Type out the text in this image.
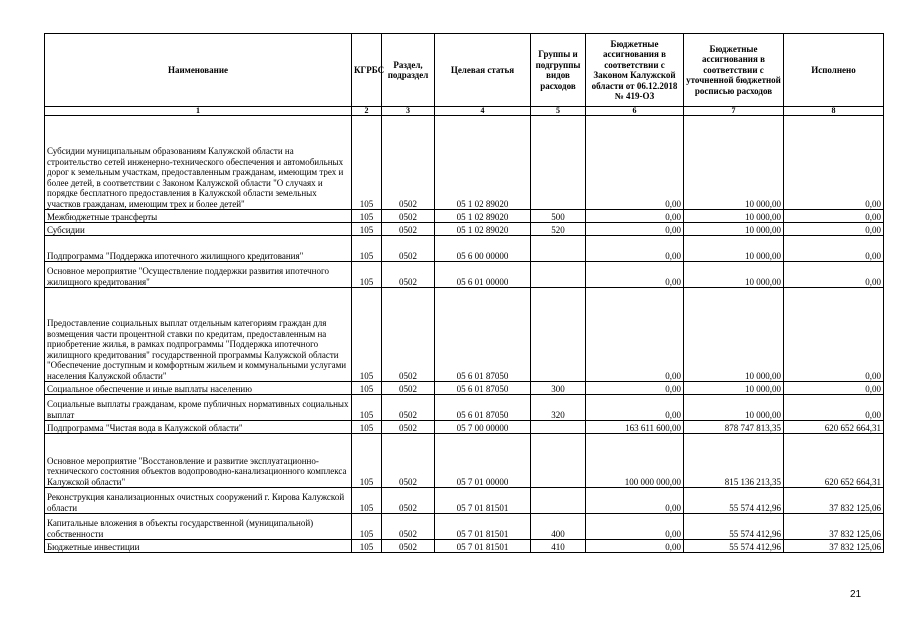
Наименование	КГРБС	Раздел, подраздел	Целевая статья	Группы и подгруппы видов расходов	Бюджетные ассигнования в соответствии с Законом Калужской области от 06.12.2018 № 419-ОЗ	Бюджетные ассигнования в соответствии с уточненной бюджетной росписью расходов	Исполнено
1	2	3	4	5	6	7	8
Субсидии муниципальным образованиям Калужской области на строительство сетей инженерно-технического обеспечения и автомобильных дорог к земельным участкам, предоставленным гражданам, имеющим трех и более детей, в соответствии с Законом Калужской области "О случаях и порядке бесплатного предоставления в Калужской области земельных участков гражданам, имеющим трех и более детей"	105	0502	05 1 02 89020		0,00	10 000,00	0,00
Межбюджетные трансферты	105	0502	05 1 02 89020	500	0,00	10 000,00	0,00
Субсидии	105	0502	05 1 02 89020	520	0,00	10 000,00	0,00
Подпрограмма "Поддержка ипотечного жилищного кредитования"	105	0502	05 6 00 00000		0,00	10 000,00	0,00
Основное мероприятие "Осуществление поддержки развития ипотечного жилищного кредитования"	105	0502	05 6 01 00000		0,00	10 000,00	0,00
Предоставление социальных выплат отдельным категориям граждан для возмещения части процентной ставки по кредитам, предоставленным на приобретение жилья, в рамках подпрограммы "Поддержка ипотечного жилищного кредитования" государственной программы Калужской области "Обеспечение доступным и комфортным жильем и коммунальными услугами населения Калужской области"	105	0502	05 6 01 87050		0,00	10 000,00	0,00
Социальное обеспечение и иные выплаты населению	105	0502	05 6 01 87050	300	0,00	10 000,00	0,00
Социальные выплаты гражданам, кроме публичных нормативных социальных выплат	105	0502	05 6 01 87050	320	0,00	10 000,00	0,00
Подпрограмма "Чистая вода в Калужской области"	105	0502	05 7 00 00000		163 611 600,00	878 747 813,35	620 652 664,31
Основное мероприятие "Восстановление и развитие эксплуатационно-технического состояния объектов водопроводно-канализационного комплекса Калужской области"	105	0502	05 7 01 00000		100 000 000,00	815 136 213,35	620 652 664,31
Реконструкция канализационных очистных сооружений г. Кирова Калужской области	105	0502	05 7 01 81501		0,00	55 574 412,96	37 832 125,06
Капитальные вложения в объекты государственной (муниципальной) собственности	105	0502	05 7 01 81501	400	0,00	55 574 412,96	37 832 125,06
Бюджетные инвестиции	105	0502	05 7 01 81501	410	0,00	55 574 412,96	37 832 125,06
21
